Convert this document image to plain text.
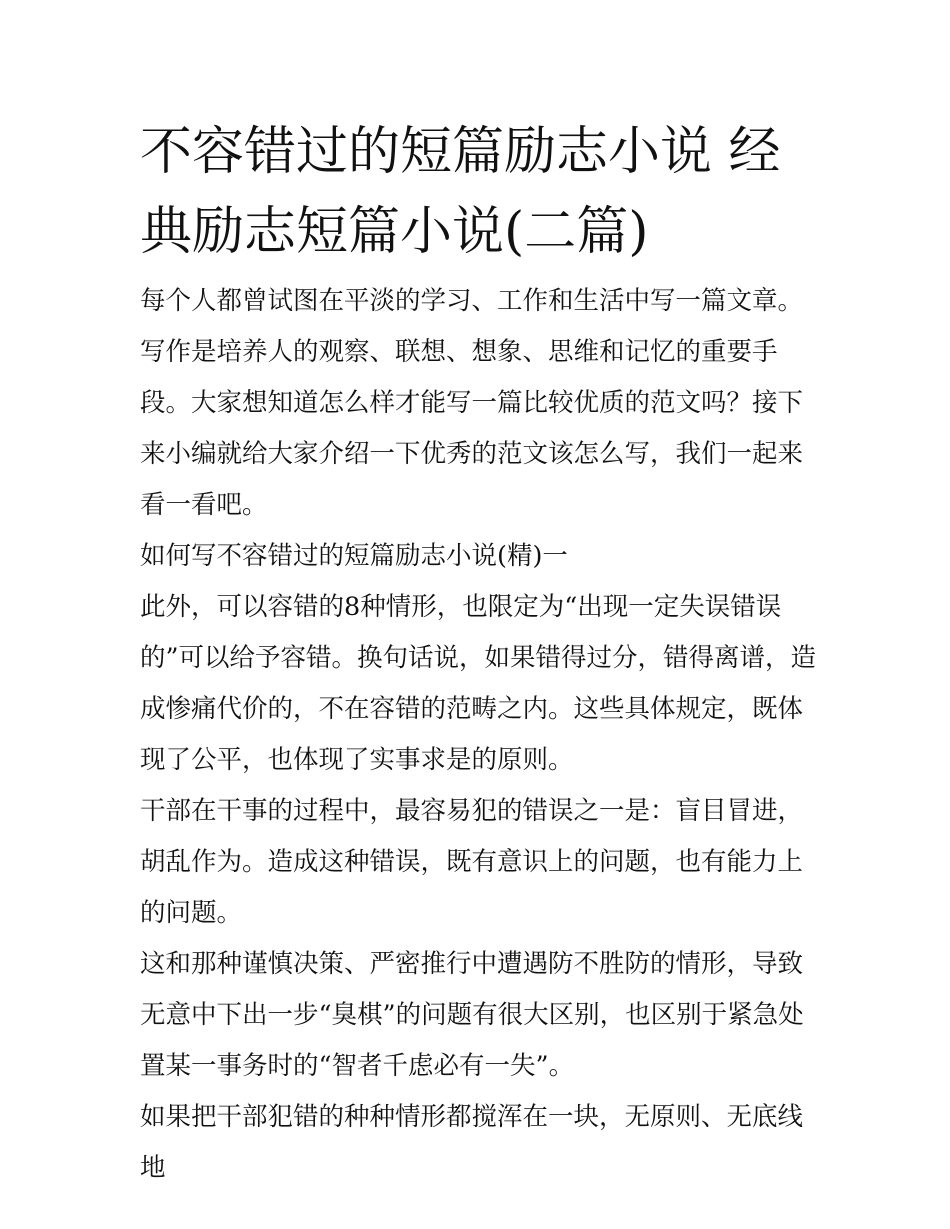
不容错过的短篇励志小说 经典励志短篇小说(二篇)

每个人都曾试图在平淡的学习、工作和生活中写一篇文章。写作是培养人的观察、联想、想象、思维和记忆的重要手段。大家想知道怎么样才能写一篇比较优质的范文吗？接下来小编就给大家介绍一下优秀的范文该怎么写，我们一起来看一看吧。

如何写不容错过的短篇励志小说(精)一

此外，可以容错的8种情形，也限定为“出现一定失误错误的”可以给予容错。换句话说，如果错得过分，错得离谱，造成惨痛代价的，不在容错的范畴之内。这些具体规定，既体现了公平，也体现了实事求是的原则。

干部在干事的过程中，最容易犯的错误之一是：盲目冒进，胡乱作为。造成这种错误，既有意识上的问题，也有能力上的问题。

这和那种谨慎决策、严密推行中遭遇防不胜防的情形，导致无意中下出一步“臭棋”的问题有很大区别，也区别于紧急处置某一事务时的“智者千虑必有一失”。

如果把干部犯错的种种情形都搅浑在一块，无原则、无底线地
